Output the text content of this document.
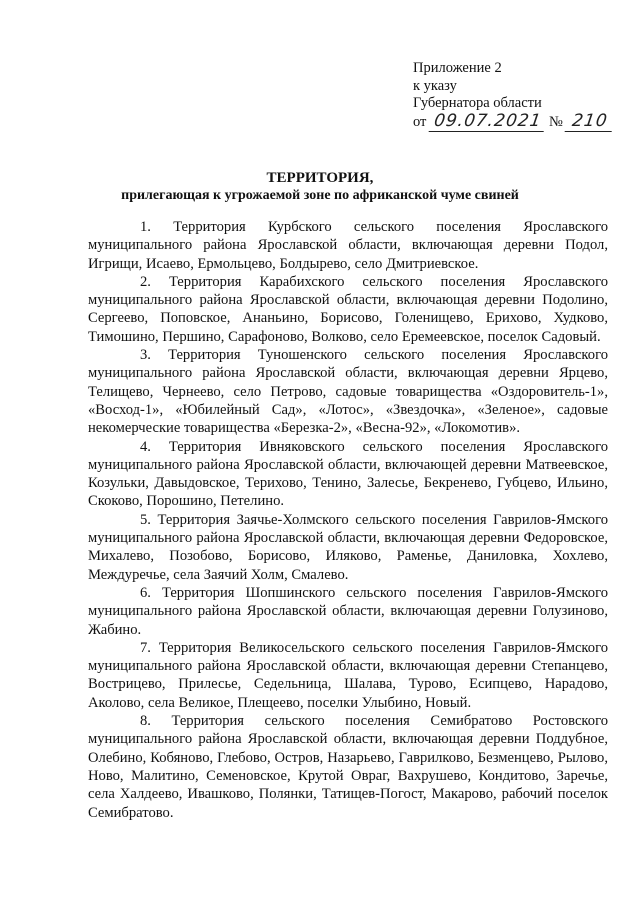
Приложение 2
к указу
Губернатора области
от 09.07.2021 № 210
ТЕРРИТОРИЯ,
прилегающая к угрожаемой зоне по африканской чуме свиней

1. Территория Курбского сельского поселения Ярославского муниципального района Ярославской области, включающая деревни Подол, Игрищи, Исаево, Ермольцево, Болдырево, село Дмитриевское.

2. Территория Карабихского сельского поселения Ярославского муниципального района Ярославской области, включающая деревни Подолино, Сергеево, Поповское, Ананьино, Борисово, Голенищево, Ерихово, Худково, Тимошино, Першино, Сарафоново, Волково, село Еремеевское, поселок Садовый.

3. Территория Туношенского сельского поселения Ярославского муниципального района Ярославской области, включающая деревни Ярцево, Телищево, Чернеево, село Петрово, садовые товарищества «Оздоровитель-1», «Восход-1», «Юбилейный Сад», «Лотос», «Звездочка», «Зеленое», садовые некомерческие товарищества «Березка-2», «Весна-92», «Локомотив».

4. Территория Ивняковского сельского поселения Ярославского муниципального района Ярославской области, включающей деревни Матвеевское, Козульки, Давыдовское, Терихово, Тенино, Залесье, Бекренево, Губцево, Ильино, Скоково, Порошино, Петелино.

5. Территория Заячье-Холмского сельского поселения Гаврилов-Ямского муниципального района Ярославской области, включающая деревни Федоровское, Михалево, Позобово, Борисово, Иляково, Раменье, Даниловка, Хохлево, Междуречье, села Заячий Холм, Смалево.

6. Территория Шопшинского сельского поселения Гаврилов-Ямского муниципального района Ярославской области, включающая деревни Голузиново, Жабино.

7. Территория Великосельского сельского поселения Гаврилов-Ямского муниципального района Ярославской области, включающая деревни Степанцево, Вострицево, Прилесье, Седельница, Шалава, Турово, Есипцево, Нарадово, Аколово, села Великое, Плещеево, поселки Улыбино, Новый.

8. Территория сельского поселения Семибратово Ростовского муниципального района Ярославской области, включающая деревни Поддубное, Олебино, Кобяново, Глебово, Остров, Назарьево, Гаврилково, Безменцево, Рылово, Ново, Малитино, Семеновское, Крутой Овраг, Вахрушево, Кондитово, Заречье, села Халдеево, Ивашково, Полянки, Татищев-Погост, Макарово, рабочий поселок Семибратово.
